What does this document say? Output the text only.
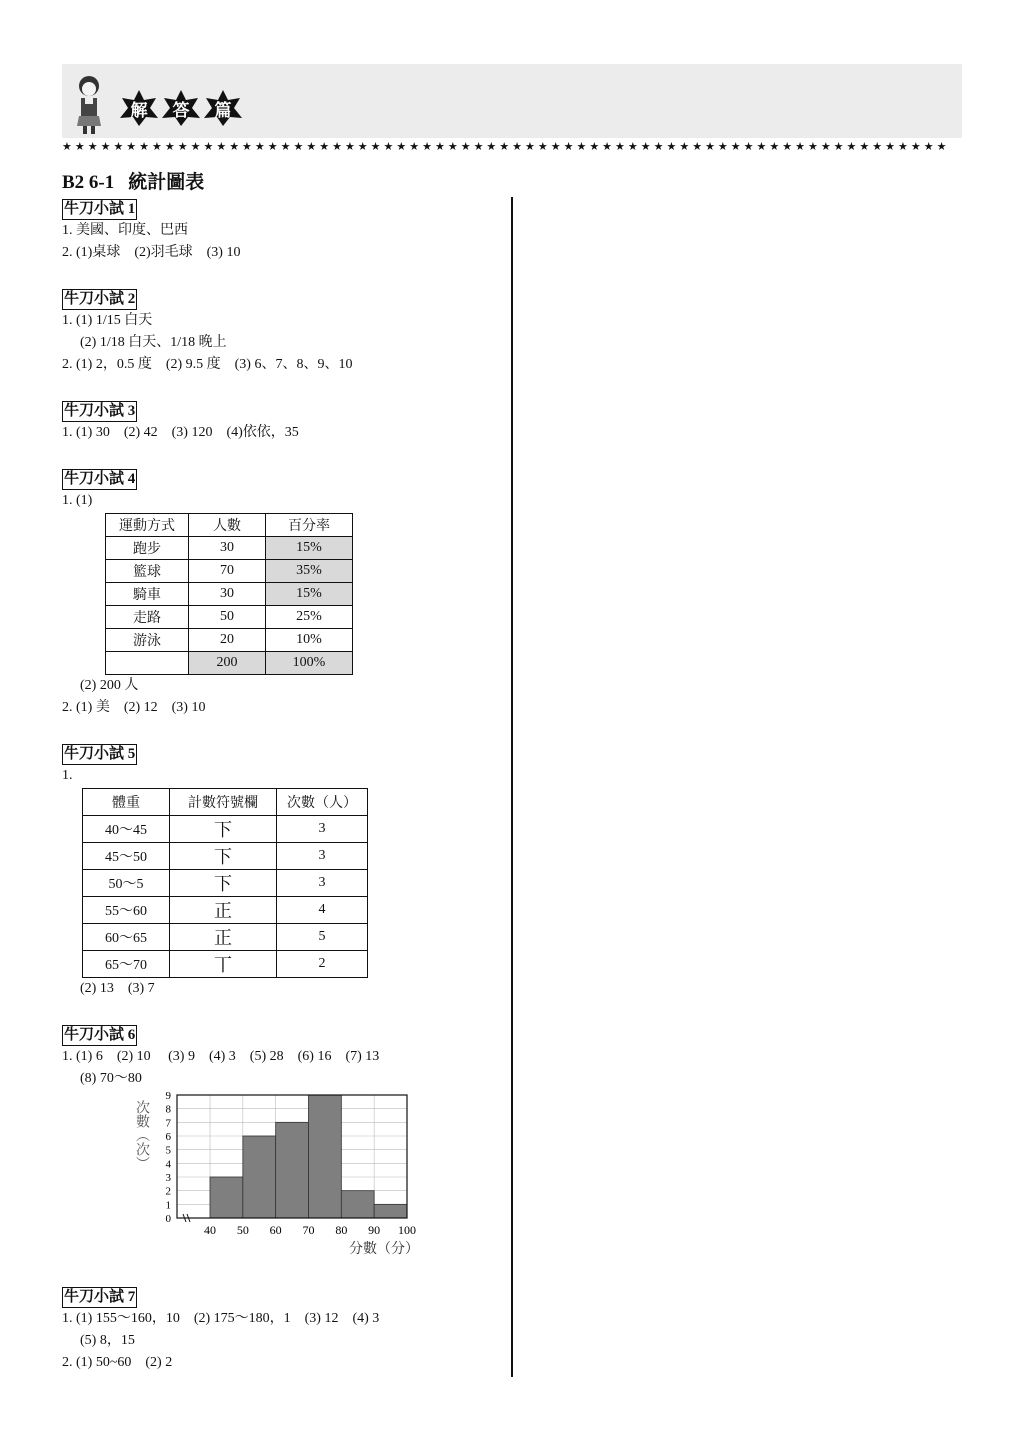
解	答	篇
★★★★★★★★★★★★★★★★★★★★★★★★★★★★★★★★★★★★★★★★★★★★★★★★★★★★★★★★★★★★★★★★★★★★★
B2 6-1 統計圖表
牛刀小試 1
1. 美國、印度、巴西
2. (1)桌球　(2)羽毛球　(3) 10
牛刀小試 2
1. (1) 1/15 白天
(2) 1/18 白天、1/18 晚上
2. (1) 2，0.5 度　(2) 9.5 度　(3) 6、7、8、9、10
牛刀小試 3
1. (1) 30　(2) 42　(3) 120　(4)依依，35
牛刀小試 4
1. (1)
運動方式	人數	百分率
跑步	30	15%
籃球	70	35%
騎車	30	15%
走路	50	25%
游泳	20	10%
	200	100%
(2) 200 人
2. (1) 美　(2) 12　(3) 10
牛刀小試 5
1.
體重	計數符號欄	次數（人）
40～45	下	3
45～50	下	3
50～5	下	3
55～60	正	4
60～65	正	5
65～70	丅	2
(2) 13　(3) 7
牛刀小試 6
1. (1) 6　(2) 10　 (3) 9　(4) 3　(5) 28　(6) 16　(7) 13
(8) 70～80
0
1
2
3
4
5
6
7
8
9
40 50 60 70 80 90 100
次數（次）
分數（分）
牛刀小試 7
1. (1) 155～160，10　(2) 175～180，1　(3) 12　(4) 3
(5) 8，15
2. (1) 50~60　(2) 2
